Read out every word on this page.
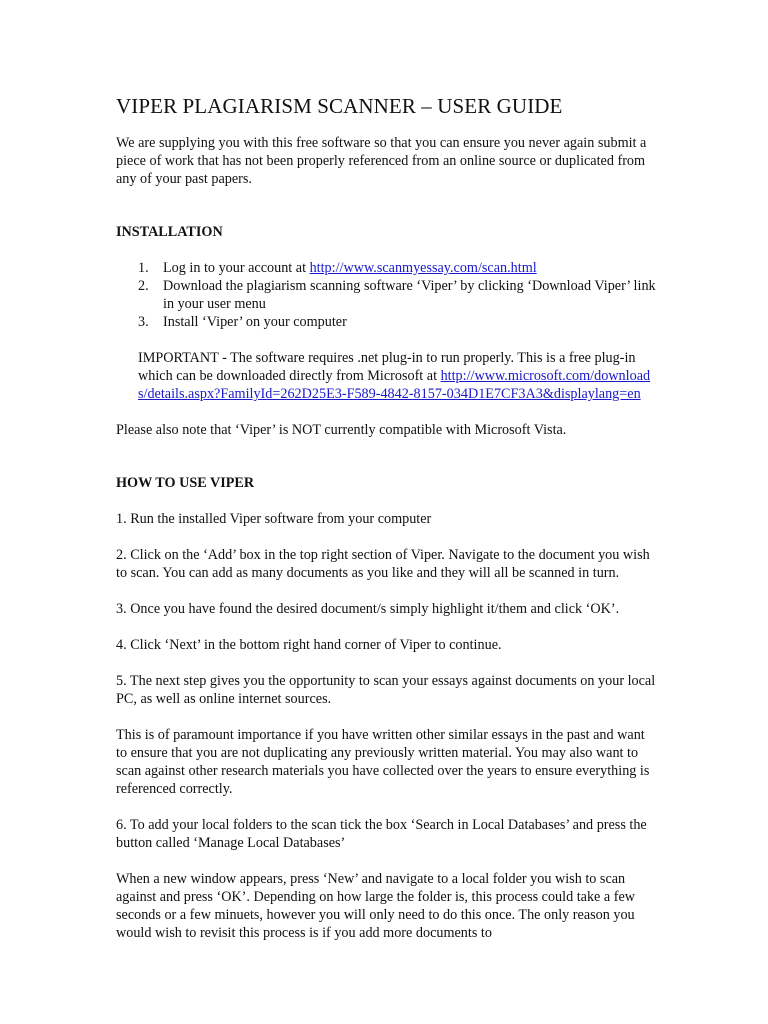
VIPER PLAGIARISM SCANNER – USER GUIDE

We are supplying you with this free software so that you can ensure you never again submit a piece of work that has not been properly referenced from an online source or duplicated from any of your past papers.

INSTALLATION
1. Log in to your account at http://www.scanmyessay.com/scan.html
2. Download the plagiarism scanning software ‘Viper’ by clicking ‘Download Viper’ link in your user menu
3. Install ‘Viper’ on your computer

IMPORTANT - The software requires .net plug-in to run properly. This is a free plug-in which can be downloaded directly from Microsoft at http://www.microsoft.com/downloads/details.aspx?FamilyId=262D25E3-F589-4842-8157-034D1E7CF3A3&displaylang=en

Please also note that ‘Viper’ is NOT currently compatible with Microsoft Vista.

HOW TO USE VIPER

1. Run the installed Viper software from your computer

2. Click on the ‘Add’ box in the top right section of Viper. Navigate to the document you wish to scan. You can add as many documents as you like and they will all be scanned in turn.

3. Once you have found the desired document/s simply highlight it/them and click ‘OK’.

4. Click ‘Next’ in the bottom right hand corner of Viper to continue.

5. The next step gives you the opportunity to scan your essays against documents on your local PC, as well as online internet sources.

This is of paramount importance if you have written other similar essays in the past and want to ensure that you are not duplicating any previously written material. You may also want to scan against other research materials you have collected over the years to ensure everything is referenced correctly.

6. To add your local folders to the scan tick the box ‘Search in Local Databases’ and press the button called ‘Manage Local Databases’

When a new window appears, press ‘New’ and navigate to a local folder you wish to scan against and press ‘OK’. Depending on how large the folder is, this process could take a few seconds or a few minuets, however you will only need to do this once. The only reason you would wish to revisit this process is if you add more documents to
